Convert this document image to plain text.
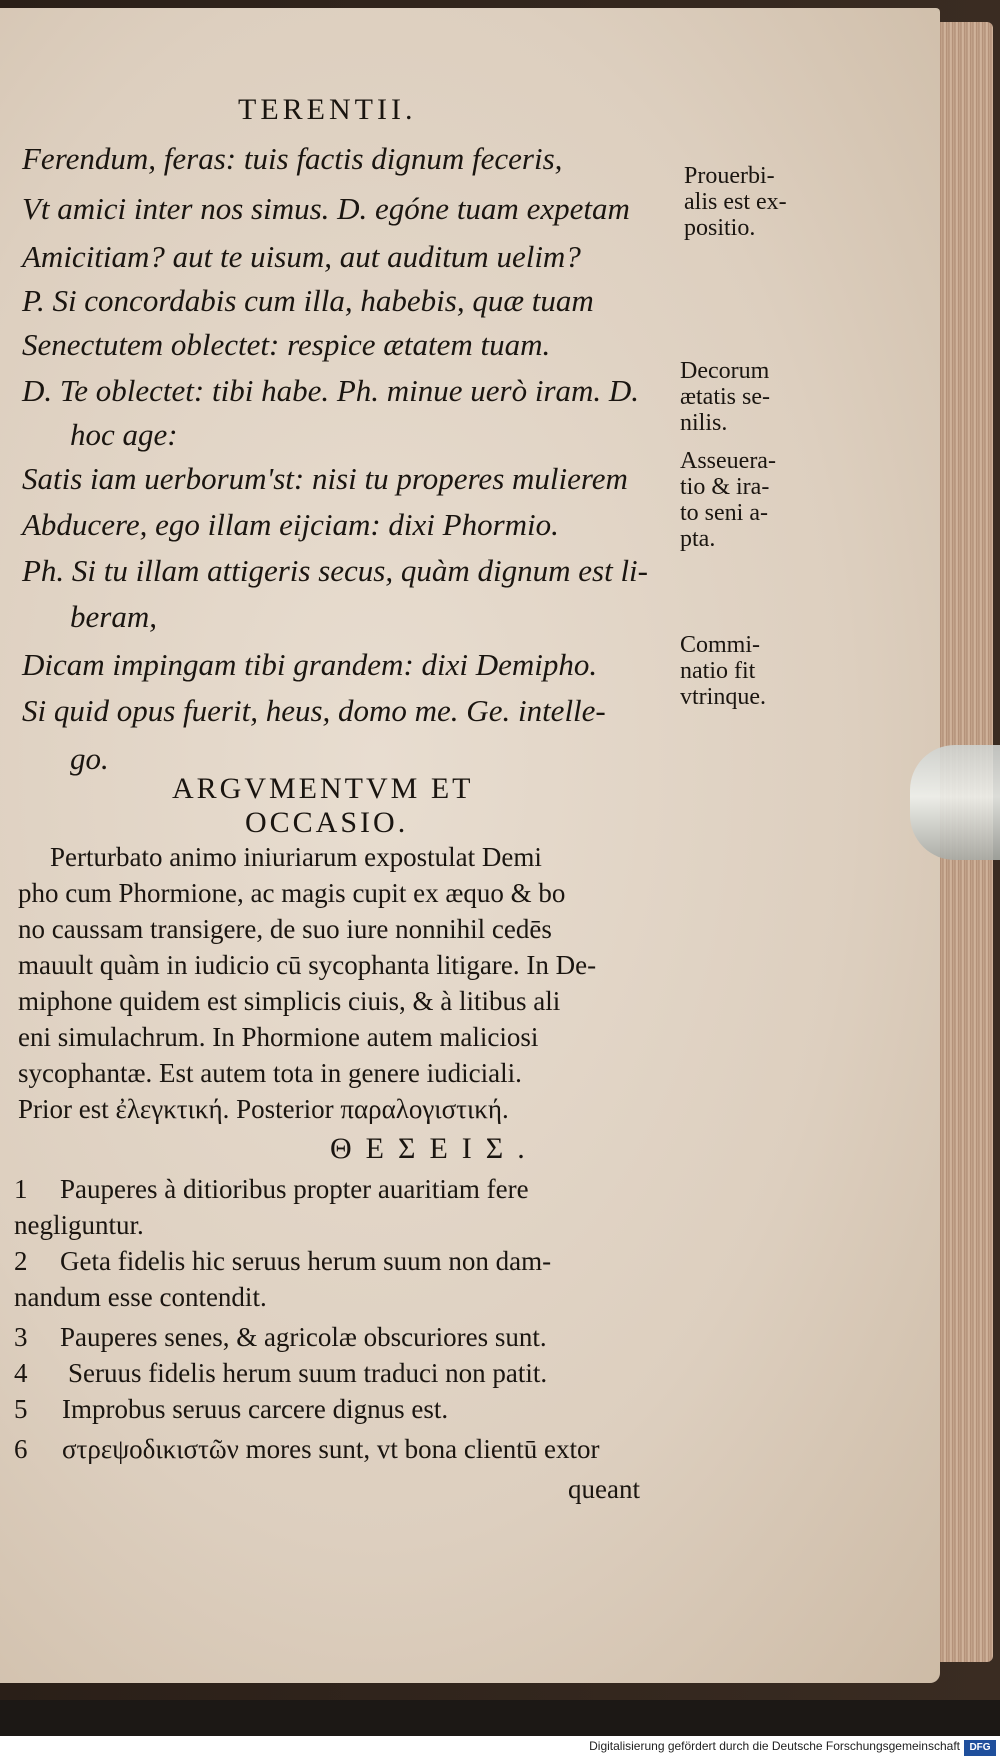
TERENTII.
Ferendum, feras: tuis factis dignum feceris,
Vt amici inter nos simus. D. egóne tuam expetam
Amicitiam? aut te uisum, aut auditum uelim?
P. Si concordabis cum illa, habebis, quæ tuam
Senectutem oblectet: respice ætatem tuam.
D. Te oblectet: tibi habe. Ph. minue uerò iram. D.
hoc age:
Satis iam uerborum'st: nisi tu properes mulierem
Abducere, ego illam eijciam: dixi Phormio.
Ph. Si tu illam attigeris secus, quàm dignum est li-
beram,
Dicam impingam tibi grandem: dixi Demipho.
Si quid opus fuerit, heus, domo me. Ge. intelle-
go.
Prouerbi-
alis est ex-
positio.
Decorum
ætatis se-
nilis.
Asseuera-
tio & ira-
to seni a-
pta.
Commi-
natio fit
vtrinque.
ARGVMENTVM ET
OCCASIO.
Perturbato animo iniuriarum expostulat Demi
pho cum Phormione, ac magis cupit ex æquo & bo
no caussam transigere, de suo iure nonnihil cedēs
mauult quàm in iudicio cū sycophanta litigare. In De-
miphone quidem est simplicis ciuis, & à litibus ali
eni simulachrum. In Phormione autem maliciosi
sycophantæ. Est autem tota in genere iudiciali.
Prior est ἐλεγκτική. Posterior παραλογιστική.
ΘΕΣΕΙΣ.
1 Pauperes à ditioribus propter auaritiam fere
negliguntur.
2 Geta fidelis hic seruus herum suum non dam-
nandum esse contendit.
3 Pauperes senes, & agricolæ obscuriores sunt.
4 Seruus fidelis herum suum traduci non patit.
5 Improbus seruus carcere dignus est.
6 στρεψοδικιστῶν mores sunt, vt bona clientū extor
queant
Digitalisierung gefördert durch die Deutsche Forschungsgemeinschaft DFG
